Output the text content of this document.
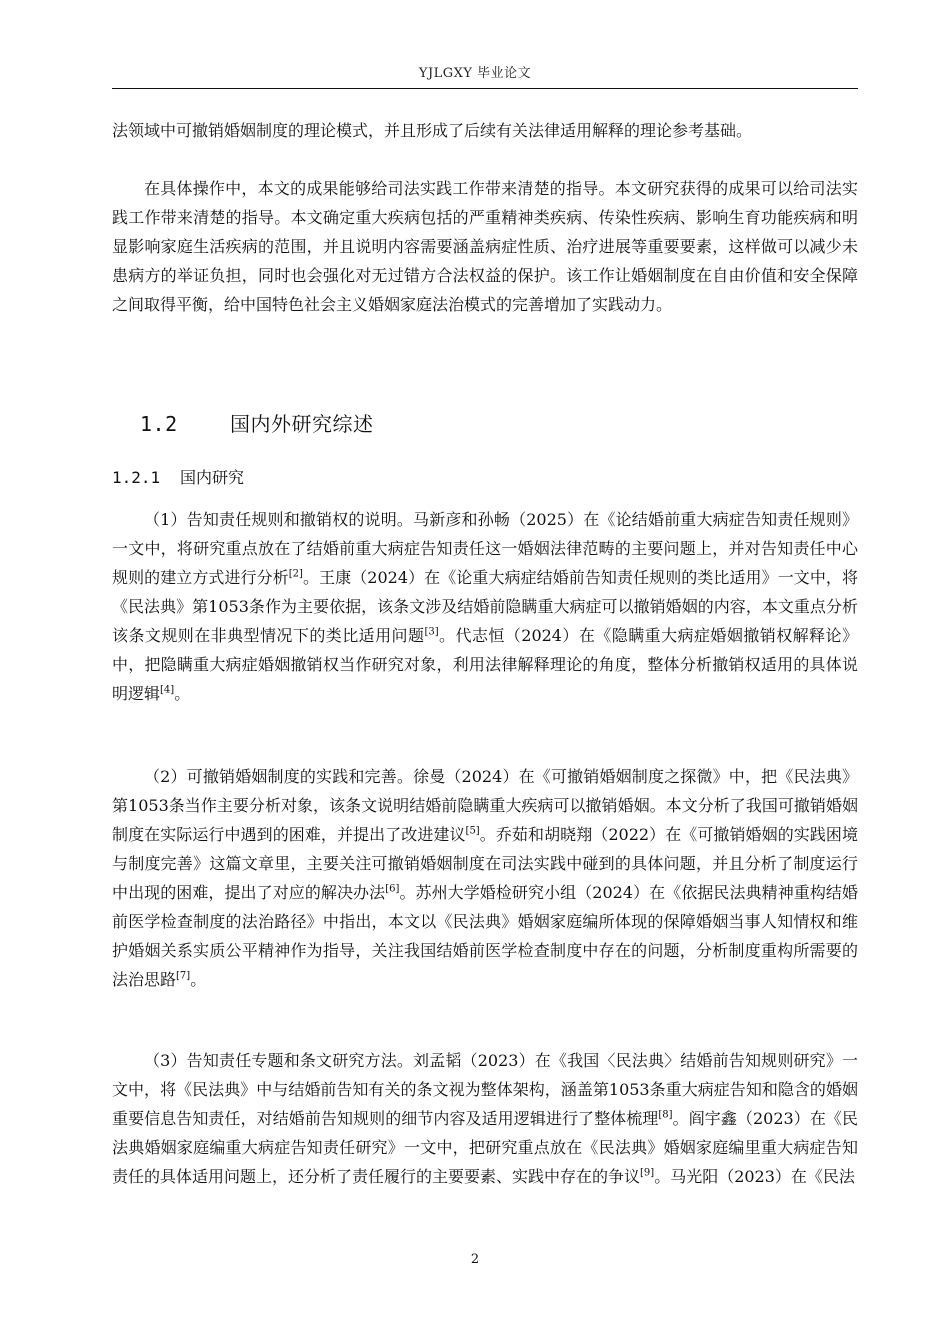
YJLGXY 毕业论文

法领域中可撤销婚姻制度的理论模式，并且形成了后续有关法律适用解释的理论参考基础。

在具体操作中，本文的成果能够给司法实践工作带来清楚的指导。本文研究获得的成果可以给司法实践工作带来清楚的指导。本文确定重大疾病包括的严重精神类疾病、传染性疾病、影响生育功能疾病和明显影响家庭生活疾病的范围，并且说明内容需要涵盖病症性质、治疗进展等重要要素，这样做可以减少未患病方的举证负担，同时也会强化对无过错方合法权益的保护。该工作让婚姻制度在自由价值和安全保障之间取得平衡，给中国特色社会主义婚姻家庭法治模式的完善增加了实践动力。

1.2	国内外研究综述
1.2.1 国内研究

（1）告知责任规则和撤销权的说明。马新彦和孙畅（2025）在《论结婚前重大病症告知责任规则》一文中，将研究重点放在了结婚前重大病症告知责任这一婚姻法律范畴的主要问题上，并对告知责任中心规则的建立方式进行分析[2]。王康（2024）在《论重大病症结婚前告知责任规则的类比适用》一文中，将《民法典》第1053条作为主要依据，该条文涉及结婚前隐瞒重大病症可以撤销婚姻的内容，本文重点分析该条文规则在非典型情况下的类比适用问题[3]。代志恒（2024）在《隐瞒重大病症婚姻撤销权解释论》中，把隐瞒重大病症婚姻撤销权当作研究对象，利用法律解释理论的角度，整体分析撤销权适用的具体说明逻辑[4]。

（2）可撤销婚姻制度的实践和完善。徐曼（2024）在《可撤销婚姻制度之探微》中，把《民法典》第1053条当作主要分析对象，该条文说明结婚前隐瞒重大疾病可以撤销婚姻。本文分析了我国可撤销婚姻制度在实际运行中遇到的困难，并提出了改进建议[5]。乔茹和胡晓翔（2022）在《可撤销婚姻的实践困境与制度完善》这篇文章里，主要关注可撤销婚姻制度在司法实践中碰到的具体问题，并且分析了制度运行中出现的困难，提出了对应的解决办法[6]。苏州大学婚检研究小组（2024）在《依据民法典精神重构结婚前医学检查制度的法治路径》中指出，本文以《民法典》婚姻家庭编所体现的保障婚姻当事人知情权和维护婚姻关系实质公平精神作为指导，关注我国结婚前医学检查制度中存在的问题，分析制度重构所需要的法治思路[7]。

（3）告知责任专题和条文研究方法。刘孟韬（2023）在《我国〈民法典〉结婚前告知规则研究》一文中，将《民法典》中与结婚前告知有关的条文视为整体架构，涵盖第1053条重大病症告知和隐含的婚姻重要信息告知责任，对结婚前告知规则的细节内容及适用逻辑进行了整体梳理[8]。阎宇鑫（2023）在《民法典婚姻家庭编重大病症告知责任研究》一文中，把研究重点放在《民法典》婚姻家庭编里重大病症告知责任的具体适用问题上，还分析了责任履行的主要要素、实践中存在的争议[9]。马光阳（2023）在《民法

2
